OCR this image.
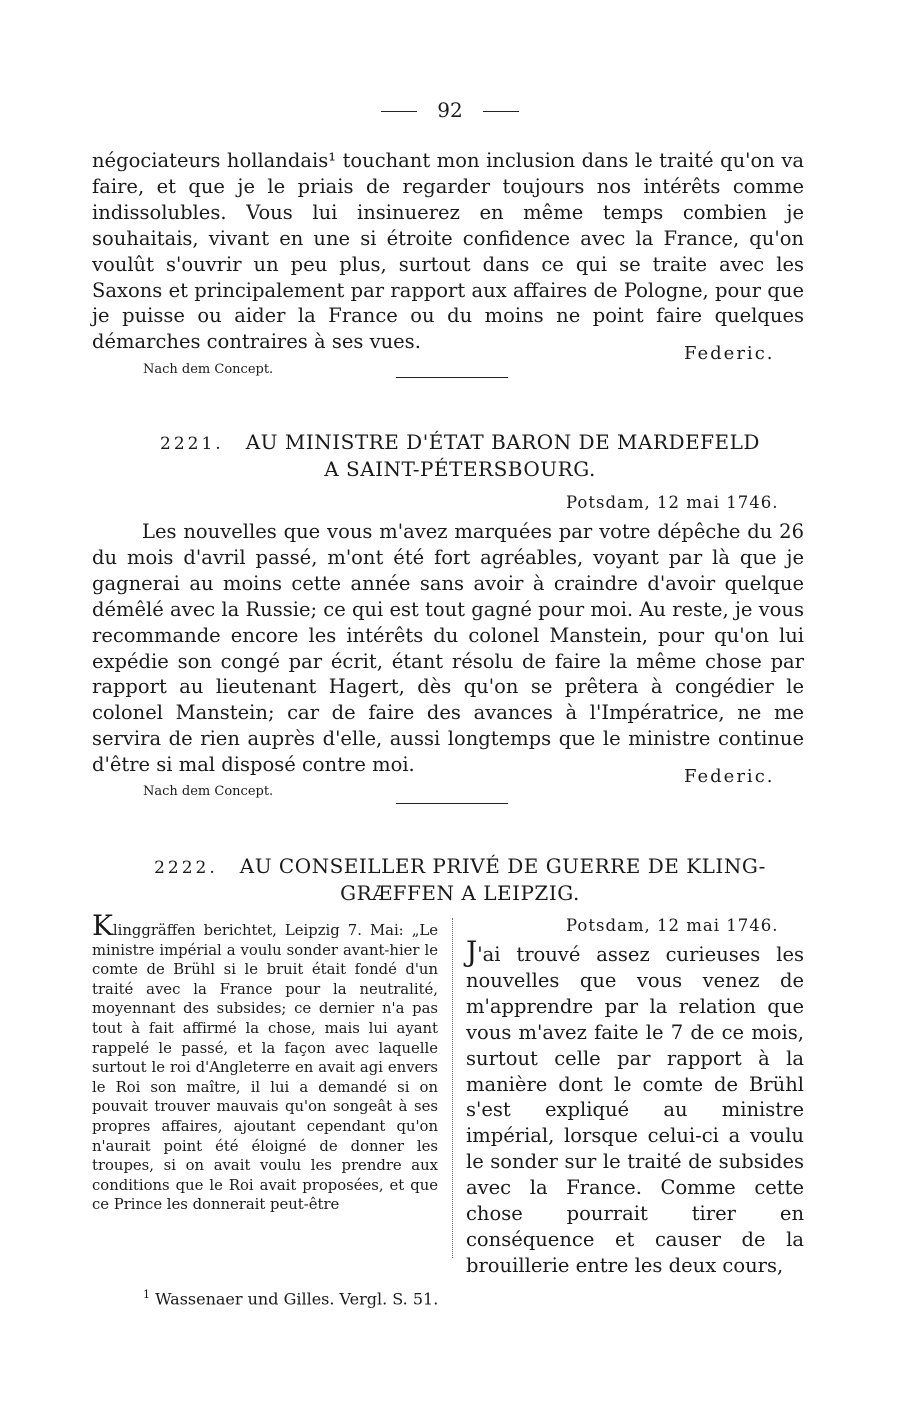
92
négociateurs hollandais¹ touchant mon inclusion dans le traité qu'on va faire, et que je le priais de regarder toujours nos intérêts comme indissolubles. Vous lui insinuerez en même temps combien je souhaitais, vivant en une si étroite confidence avec la France, qu'on voulût s'ouvrir un peu plus, surtout dans ce qui se traite avec les Saxons et principalement par rapport aux affaires de Pologne, pour que je puisse ou aider la France ou du moins ne point faire quelques démarches contraires à ses vues.
Federic.
Nach dem Concept.
2221. AU MINISTRE D'ÉTAT BARON DE MARDEFELD
A SAINT-PÉTERSBOURG.
Potsdam, 12 mai 1746.
Les nouvelles que vous m'avez marquées par votre dépêche du 26 du mois d'avril passé, m'ont été fort agréables, voyant par là que je gagnerai au moins cette année sans avoir à craindre d'avoir quelque démêlé avec la Russie; ce qui est tout gagné pour moi. Au reste, je vous recommande encore les intérêts du colonel Manstein, pour qu'on lui expédie son congé par écrit, étant résolu de faire la même chose par rapport au lieutenant Hagert, dès qu'on se prêtera à congédier le colonel Manstein; car de faire des avances à l'Impératrice, ne me servira de rien auprès d'elle, aussi longtemps que le ministre continue d'être si mal disposé contre moi.
Federic.
Nach dem Concept.
2222. AU CONSEILLER PRIVÉ DE GUERRE DE KLING-
GRÆFFEN A LEIPZIG.
Klinggräffen berichtet, Leipzig 7. Mai: „Le ministre impérial a voulu sonder avant-hier le comte de Brühl si le bruit était fondé d'un traité avec la France pour la neutralité, moyennant des subsides; ce dernier n'a pas tout à fait affirmé la chose, mais lui ayant rappelé le passé, et la façon avec laquelle surtout le roi d'Angleterre en avait agi envers le Roi son maître, il lui a demandé si on pouvait trouver mauvais qu'on songeât à ses propres affaires, ajoutant cependant qu'on n'aurait point été éloigné de donner les troupes, si on avait voulu les prendre aux conditions que le Roi avait proposées, et que ce Prince les donnerait peut-être
Potsdam, 12 mai 1746.
J'ai trouvé assez curieuses les nouvelles que vous venez de m'apprendre par la relation que vous m'avez faite le 7 de ce mois, surtout celle par rapport à la manière dont le comte de Brühl s'est expliqué au ministre impérial, lorsque celui-ci a voulu le sonder sur le traité de subsides avec la France. Comme cette chose pourrait tirer en conséquence et causer de la brouillerie entre les deux cours,
$^1$ Wassenaer und Gilles. Vergl. S. 51.
